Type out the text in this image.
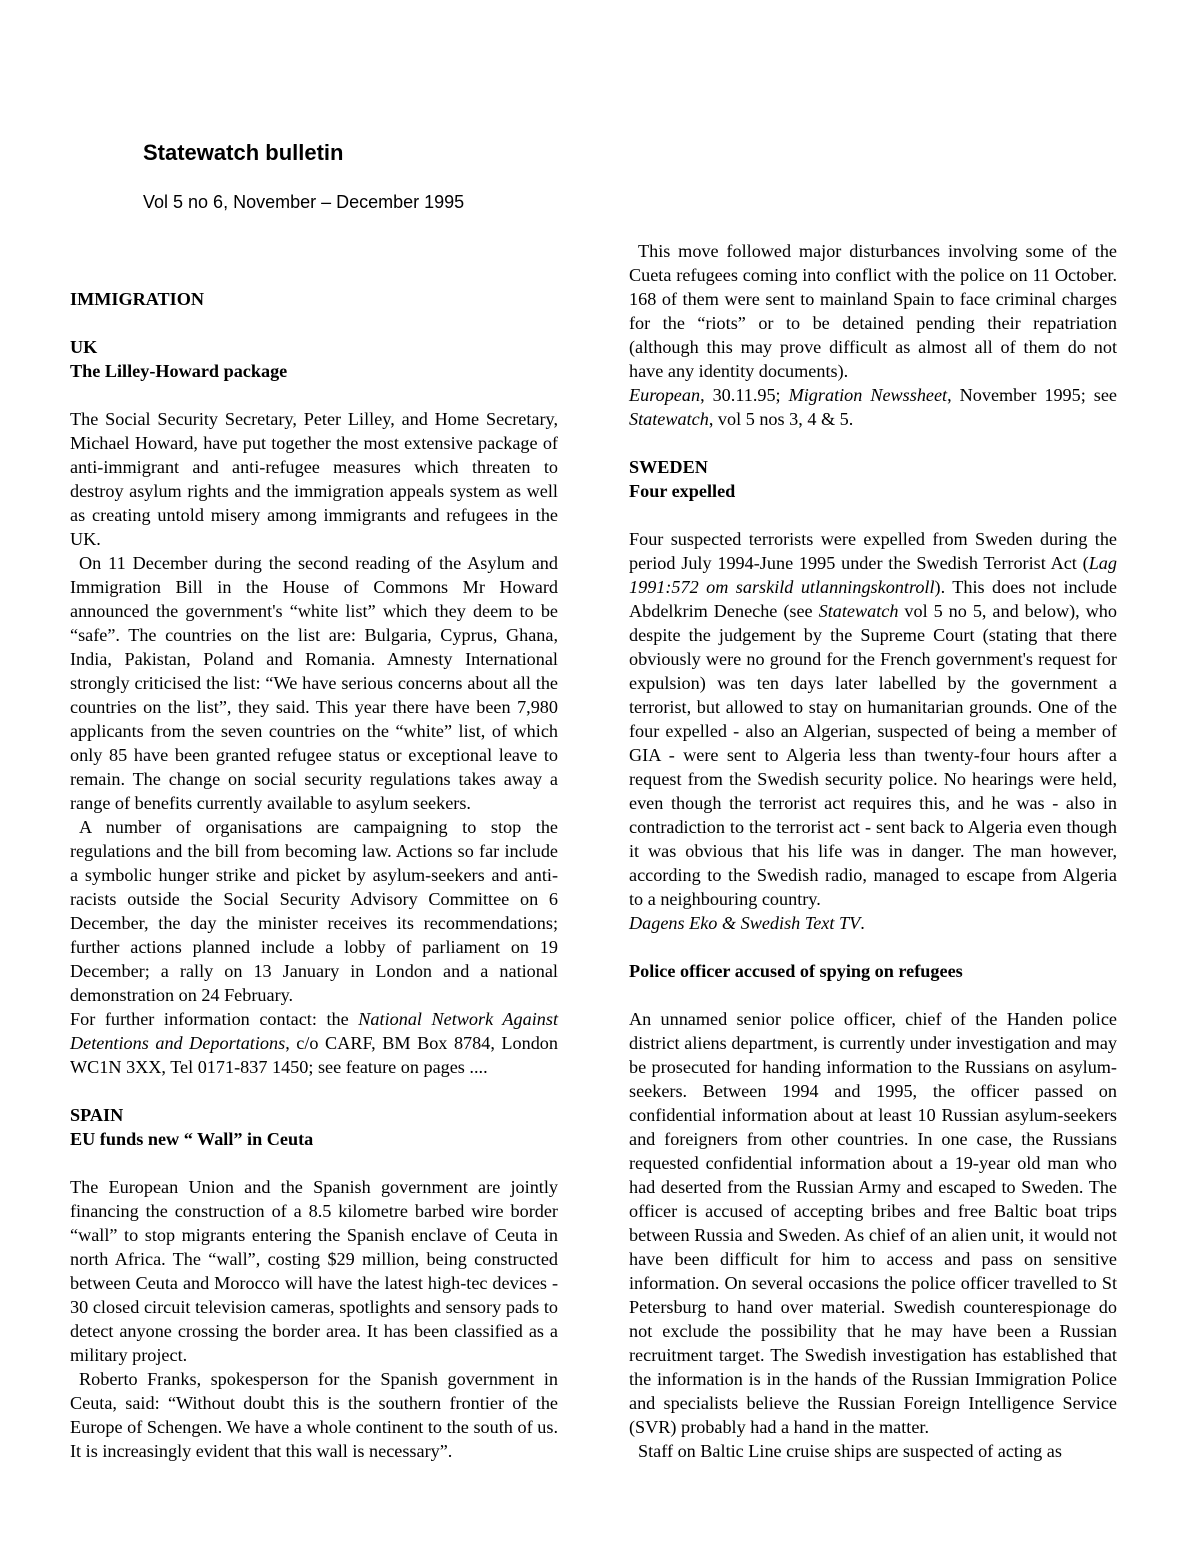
Statewatch bulletin
Vol 5 no 6, November – December 1995

IMMIGRATION

UK

The Lilley-Howard package

The Social Security Secretary, Peter Lilley, and Home Secretary, Michael Howard, have put together the most extensive package of anti-immigrant and anti-refugee measures which threaten to destroy asylum rights and the immigration appeals system as well as creating untold misery among immigrants and refugees in the UK.

On 11 December during the second reading of the Asylum and Immigration Bill in the House of Commons Mr Howard announced the government's “white list” which they deem to be “safe”. The countries on the list are: Bulgaria, Cyprus, Ghana, India, Pakistan, Poland and Romania. Amnesty International strongly criticised the list: “We have serious concerns about all the countries on the list”, they said. This year there have been 7,980 applicants from the seven countries on the “white” list, of which only 85 have been granted refugee status or exceptional leave to remain. The change on social security regulations takes away a range of benefits currently available to asylum seekers.

A number of organisations are campaigning to stop the regulations and the bill from becoming law. Actions so far include a symbolic hunger strike and picket by asylum-seekers and anti-racists outside the Social Security Advisory Committee on 6 December, the day the minister receives its recommendations; further actions planned include a lobby of parliament on 19 December; a rally on 13 January in London and a national demonstration on 24 February.

For further information contact: the National Network Against Detentions and Deportations, c/o CARF, BM Box 8784, London WC1N 3XX, Tel 0171-837 1450; see feature on pages ....

SPAIN

EU funds new “ Wall” in Ceuta

The European Union and the Spanish government are jointly financing the construction of a 8.5 kilometre barbed wire border “wall” to stop migrants entering the Spanish enclave of Ceuta in north Africa. The “wall”, costing $29 million, being constructed between Ceuta and Morocco will have the latest high-tec devices - 30 closed circuit television cameras, spotlights and sensory pads to detect anyone crossing the border area. It has been classified as a military project.

Roberto Franks, spokesperson for the Spanish government in Ceuta, said: “Without doubt this is the southern frontier of the Europe of Schengen. We have a whole continent to the south of us. It is increasingly evident that this wall is necessary”.

This move followed major disturbances involving some of the Cueta refugees coming into conflict with the police on 11 October. 168 of them were sent to mainland Spain to face criminal charges for the “riots” or to be detained pending their repatriation (although this may prove difficult as almost all of them do not have any identity documents).

European, 30.11.95; Migration Newssheet, November 1995; see Statewatch, vol 5 nos 3, 4 & 5.

SWEDEN

Four expelled

Four suspected terrorists were expelled from Sweden during the period July 1994-June 1995 under the Swedish Terrorist Act (Lag 1991:572 om sarskild utlanningskontroll). This does not include Abdelkrim Deneche (see Statewatch vol 5 no 5, and below), who despite the judgement by the Supreme Court (stating that there obviously were no ground for the French government's request for expulsion) was ten days later labelled by the government a terrorist, but allowed to stay on humanitarian grounds. One of the four expelled - also an Algerian, suspected of being a member of GIA - were sent to Algeria less than twenty-four hours after a request from the Swedish security police. No hearings were held, even though the terrorist act requires this, and he was - also in contradiction to the terrorist act - sent back to Algeria even though it was obvious that his life was in danger. The man however, according to the Swedish radio, managed to escape from Algeria to a neighbouring country.

Dagens Eko & Swedish Text TV.

Police officer accused of spying on refugees

An unnamed senior police officer, chief of the Handen police district aliens department, is currently under investigation and may be prosecuted for handing information to the Russians on asylum-seekers. Between 1994 and 1995, the officer passed on confidential information about at least 10 Russian asylum-seekers and foreigners from other countries. In one case, the Russians requested confidential information about a 19-year old man who had deserted from the Russian Army and escaped to Sweden. The officer is accused of accepting bribes and free Baltic boat trips between Russia and Sweden. As chief of an alien unit, it would not have been difficult for him to access and pass on sensitive information. On several occasions the police officer travelled to St Petersburg to hand over material. Swedish counterespionage do not exclude the possibility that he may have been a Russian recruitment target. The Swedish investigation has established that the information is in the hands of the Russian Immigration Police and specialists believe the Russian Foreign Intelligence Service (SVR) probably had a hand in the matter.

Staff on Baltic Line cruise ships are suspected of acting as
